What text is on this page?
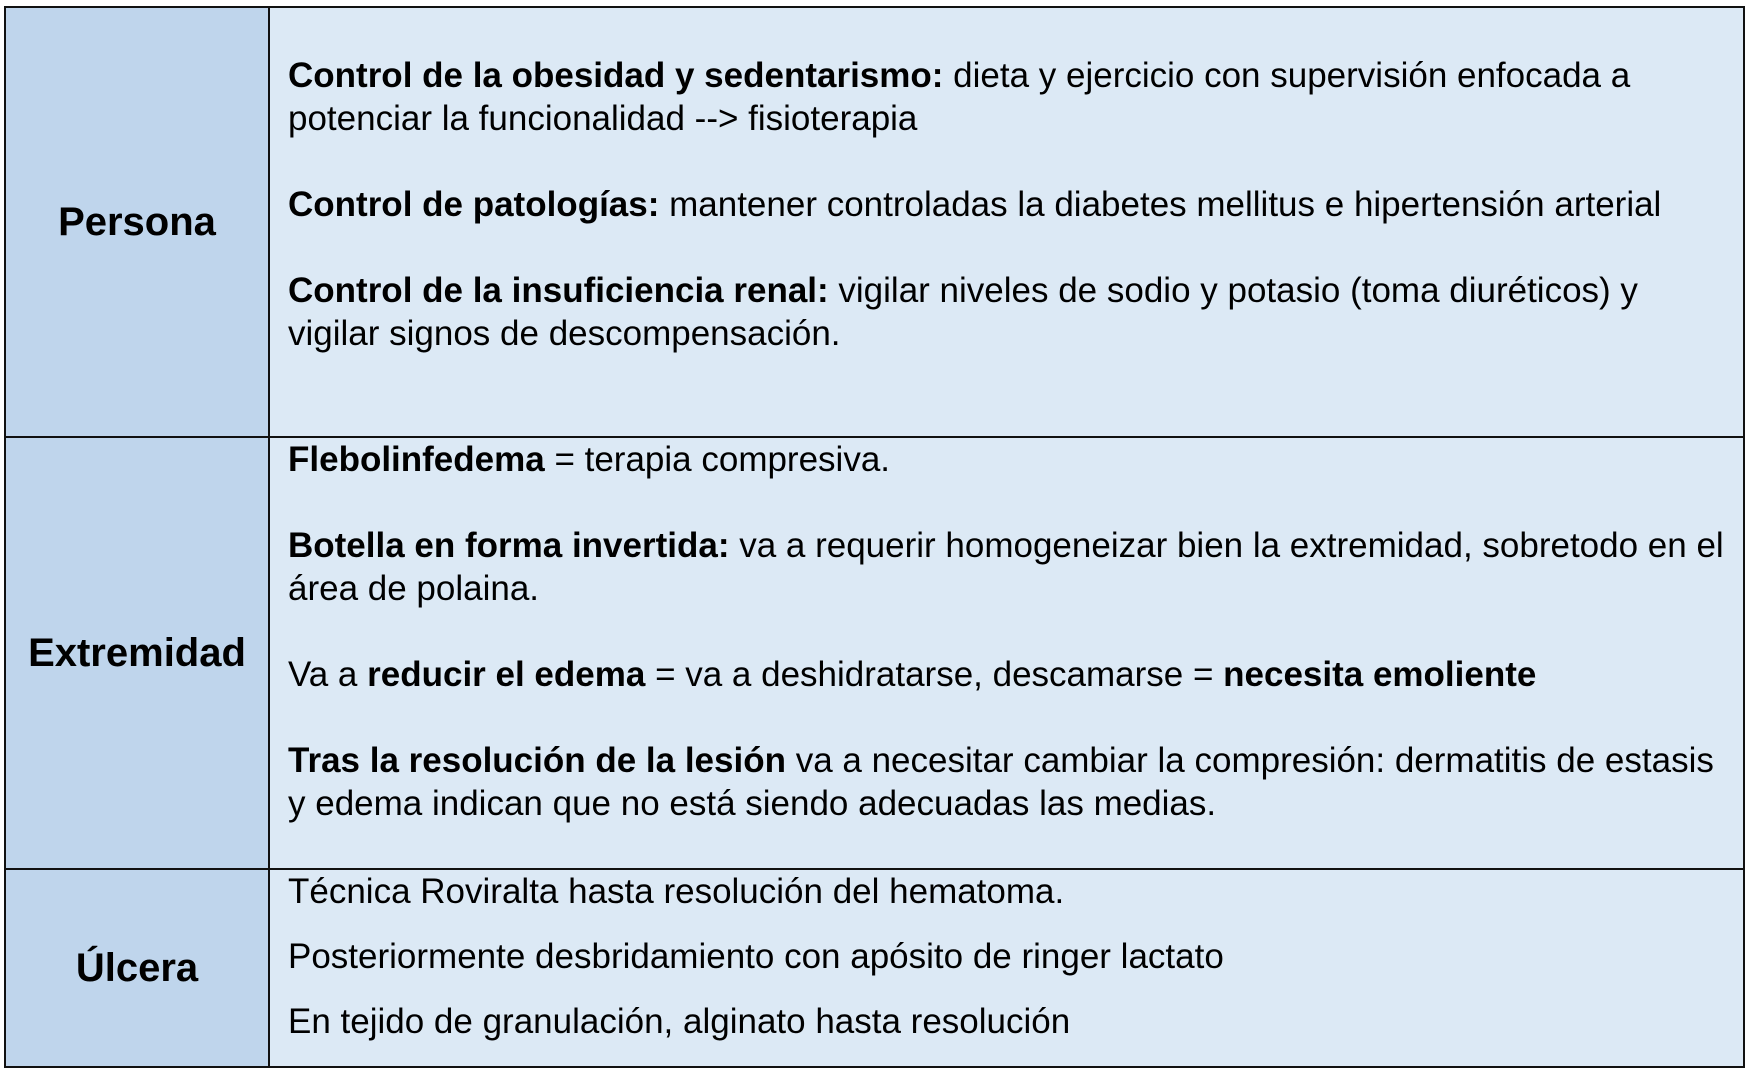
Persona	Control de la obesidad y sedentarismo: dieta y ejercicio con supervisión enfocada a potenciar la funcionalidad --> fisioterapia

Control de patologías: mantener controladas la diabetes mellitus e hipertensión arterial

Control de la insuficiencia renal: vigilar niveles de sodio y potasio (toma diuréticos) y vigilar signos de descompensación.

Extremidad	Flebolinfedema = terapia compresiva.

Botella en forma invertida: va a requerir homogeneizar bien la extremidad, sobretodo en el área de polaina.

Va a reducir el edema = va a deshidratarse, descamarse = necesita emoliente

Tras la resolución de la lesión va a necesitar cambiar la compresión: dermatitis de estasis y edema indican que no está siendo adecuadas las medias.

Úlcera	Técnica Roviralta hasta resolución del hematoma.

Posteriormente desbridamiento con apósito de ringer lactato

En tejido de granulación, alginato hasta resolución
